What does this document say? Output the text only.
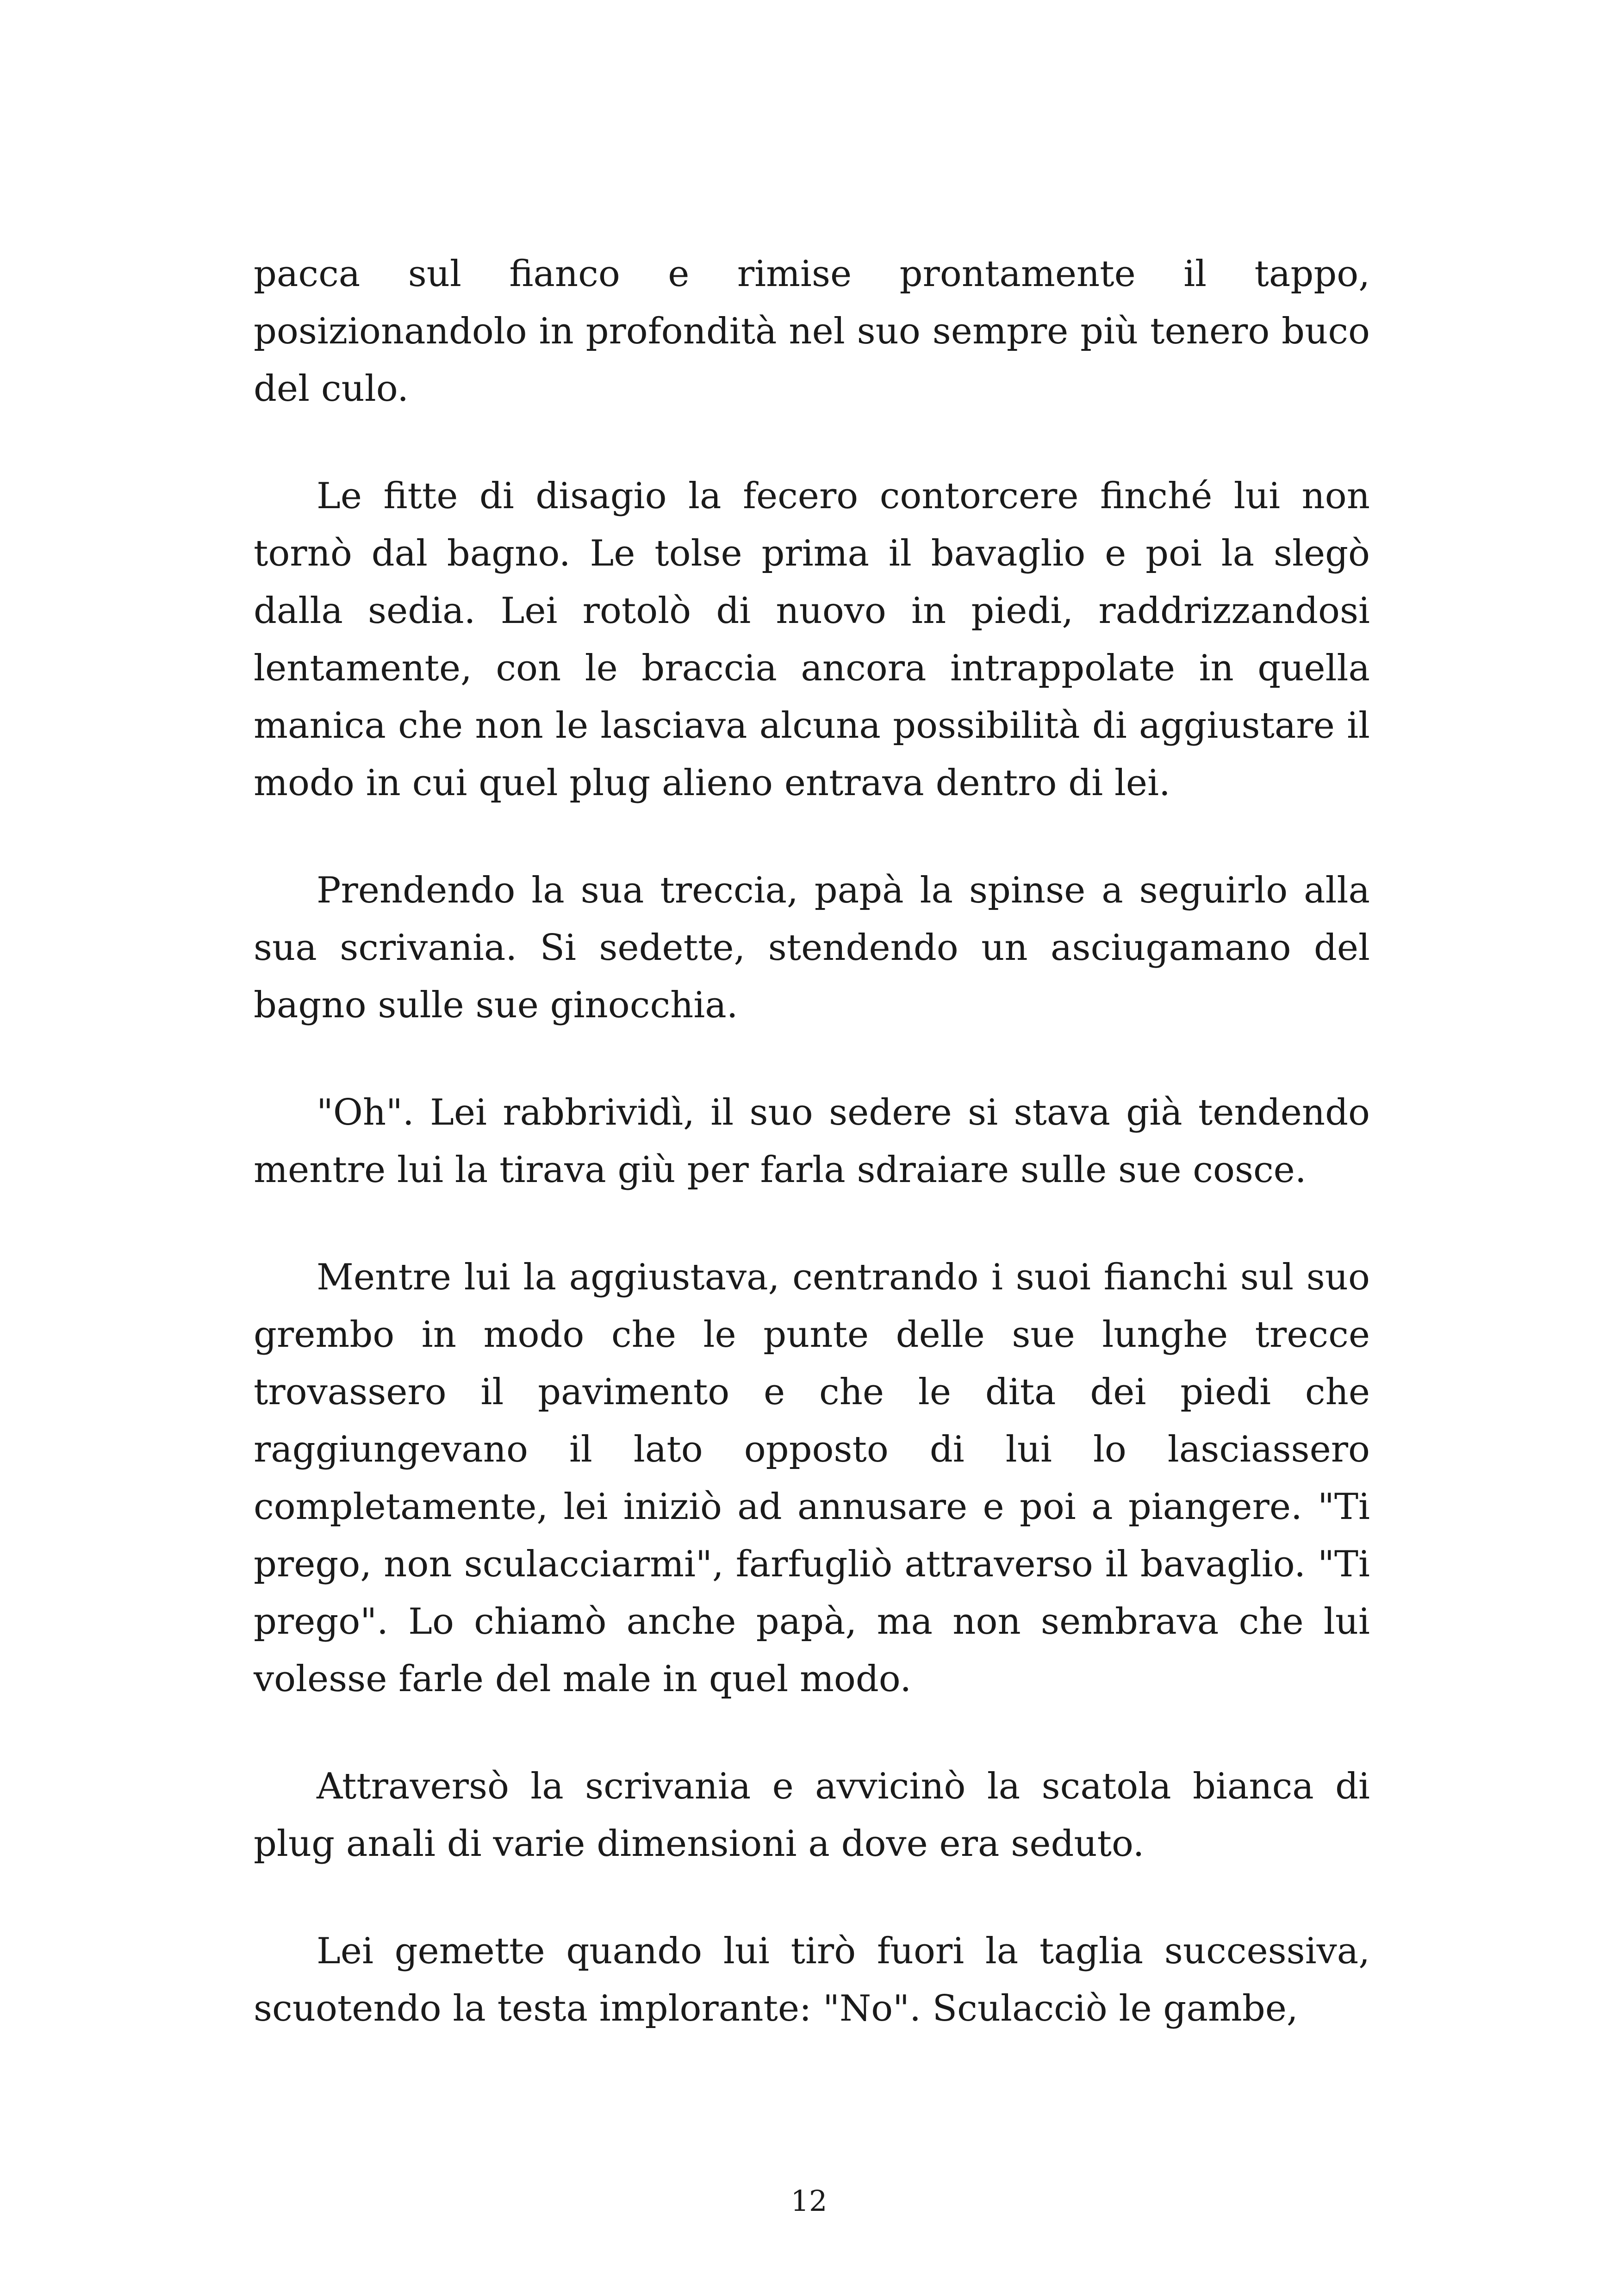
pacca sul fianco e rimise prontamente il tappo, posizionandolo in profondità nel suo sempre più tenero buco del culo.

Le fitte di disagio la fecero contorcere finché lui non tornò dal bagno. Le tolse prima il bavaglio e poi la slegò dalla sedia. Lei rotolò di nuovo in piedi, raddrizzandosi lentamente, con le braccia ancora intrappolate in quella manica che non le lasciava alcuna possibilità di aggiustare il modo in cui quel plug alieno entrava dentro di lei.

Prendendo la sua treccia, papà la spinse a seguirlo alla sua scrivania. Si sedette, stendendo un asciugamano del bagno sulle sue ginocchia.

"Oh". Lei rabbrividì, il suo sedere si stava già tendendo mentre lui la tirava giù per farla sdraiare sulle sue cosce.

Mentre lui la aggiustava, centrando i suoi fianchi sul suo grembo in modo che le punte delle sue lunghe trecce trovassero il pavimento e che le dita dei piedi che raggiungevano il lato opposto di lui lo lasciassero completamente, lei iniziò ad annusare e poi a piangere. "Ti prego, non sculacciarmi", farfugliò attraverso il bavaglio. "Ti prego". Lo chiamò anche papà, ma non sembrava che lui volesse farle del male in quel modo.

Attraversò la scrivania e avvicinò la scatola bianca di plug anali di varie dimensioni a dove era seduto.

Lei gemette quando lui tirò fuori la taglia successiva, scuotendo la testa implorante: "No". Sculacciò le gambe,

12
